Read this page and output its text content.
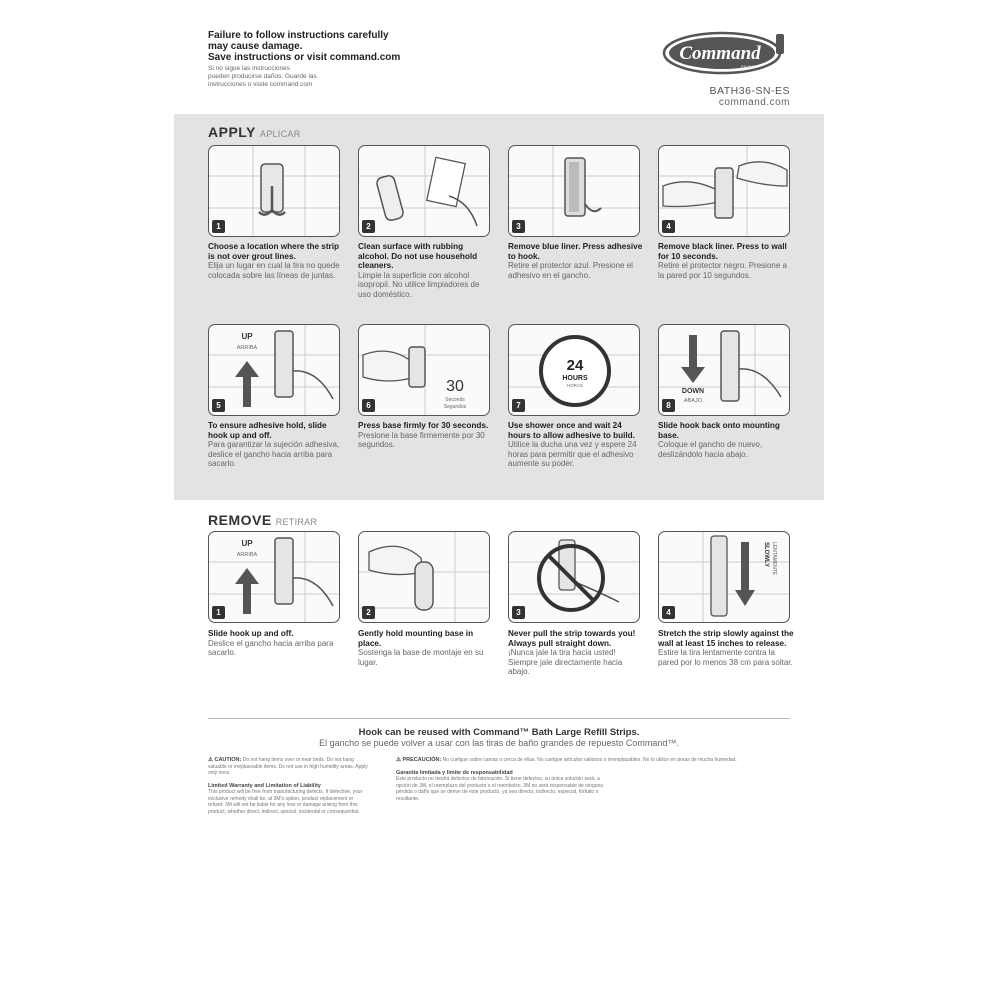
Failure to follow instructions carefully
may cause damage.
Save instructions or visit command.com
Si no sigue las instrucciones
pueden producirse daños. Guarde las
instrucciones o visite command.com
Command
BRAND
BATH36-SN-ES
command.com
APPLY APLICAR
1	2	3	4
Choose a location where the strip is not over grout lines.
Elija un lugar en cual la tira no quede colocada sobre las líneas de juntas.
Clean surface with rubbing alcohol. Do not use household cleaners.
Limpie la superficie con alcohol isopropil. No utilice limpiadores de uso doméstico.
Remove blue liner. Press adhesive to hook.
Retire el protector azul. Presione el adhesivo en el gancho.
Remove black liner. Press to wall for 10 seconds.
Retire el protector negro. Presione a la pared por 10 segundos.
UP
ARRIBA
5
30
Seconds
Segundos
6
24
HOURS
HORAS
7
DOWN
ABAJO
8
To ensure adhesive hold, slide hook up and off.
Para garantizar la sujeción adhesiva, deslice el gancho hacia arriba para sacarlo.
Press base firmly for 30 seconds.
Presione la base firmemente por 30 segundos.
Use shower once and wait 24 hours to allow adhesive to build.
Utilice la ducha una vez y espere 24 horas para permitir que el adhesivo aumente su poder.
Slide hook back onto mounting base.
Coloque el gancho de nuevo, deslizándolo hacia abajo.
REMOVE RETIRAR
UP
ARRIBA
1	2	3
SLOWLY LENTAMENTE
4
Slide hook up and off.
Deslice el gancho hacia arriba para sacarlo.
Gently hold mounting base in place.
Sostenga la base de montaje en su lugar.
Never pull the strip towards you! Always pull straight down.
¡Nunca jale la tira hacia usted! Siempre jale directamente hacia abajo.
Stretch the strip slowly against the wall at least 15 inches to release.
Estire la tira lentamente contra la pared por lo menos 38 cm para soltar.
Hook can be reused with Command™ Bath Large Refill Strips.
El gancho se puede volver a usar con las tiras de baño grandes de repuesto Command™.
⚠ CAUTION: Do not hang items over or near beds. Do not hang valuable or irreplaceable items. Do not use in high humidity areas. Apply only once.
Limited Warranty and Limitation of Liability
This product will be free from manufacturing defects. If defective, your exclusive remedy shall be, at 3M's option, product replacement or refund. 3M will not be liable for any loss or damage arising from this product, whether direct, indirect, special, incidental or consequential.
⚠ PRECAUCIÓN: No cuelgue sobre camas o cerca de ellas. No cuelgue artículos valiosos o irremplazables. No lo utilice en áreas de mucha humedad.
Garantía limitada y límite de responsabilidad
Este producto no tendrá defectos de fabricación. Si tiene defectos, su única solución será, a opción de 3M, el reemplazo del producto o el reembolso. 3M no será responsable de ninguna pérdida o daño que se derive de este producto, ya sea directo, indirecto, especial, fortuito o resultante.
